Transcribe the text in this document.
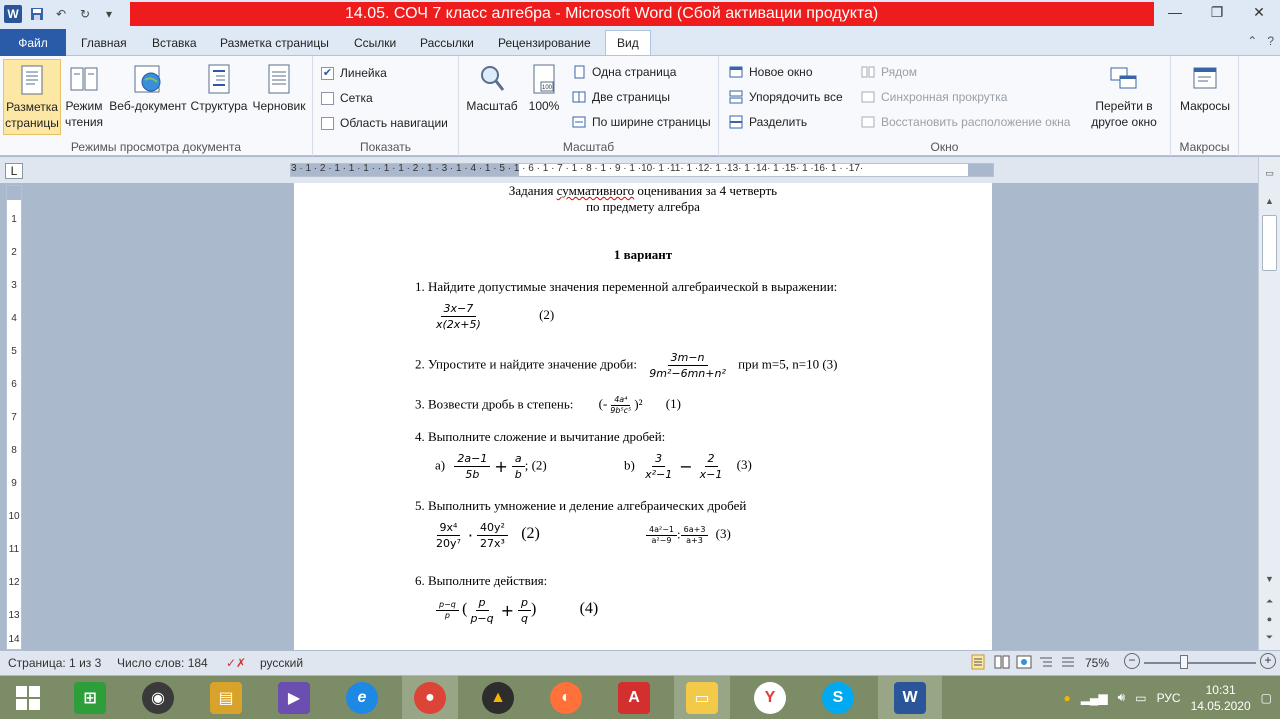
W	↶	↻	▾	14.05. СОЧ 7 класс алгебра - Microsoft Word (Сбой активации продукта)	—	❐	✕
Файл	Главная Вставка Разметка страницы Ссылки Рассылки Рецензирование	Вид	⌃ ?
Разметка страницы
Режим чтения
Веб-документ Структура Черновик
Режимы просмотра документа
✔ Линейка
Сетка
Область навигации
Показать
Масштаб
100
100%
Одна страница
Две страницы
По ширине страницы
Масштаб
Новое окно
Упорядочить все
Разделить
Рядом
Синхронная прокрутка
Восстановить расположение окна
Перейти в другое окно
Окно
Макросы
Макросы
L	3 · 1 · 2 · 1 · 1 · 1 · · 1 · 1 · 2 · 1 · 3 · 1 · 4 · 1 · 5 · 1 · 6 · 1 · 7 · 1 · 8 · 1 · 9 · 1 ·10· 1 ·11· 1 ·12· 1 ·13· 1 ·14· 1 ·15· 1 ·16· 1 · ·17·
1
2
3
4
5
6
7
8
9
10
11
12
13
14
Задания суммативного оценивания за 4 четверть
по предмету алгебра
1 вариант
1. Найдите допустимые значения переменной алгебраической в выражении:
$\frac{3x-7}{x(2x+5)}$	(2)
2. Упростите и найдите значение дроби: $\frac{3m-n}{\text{9m²−6mn+n²}}$ при m=5, n=10 (3)
3. Возвести дробь в степень: (- $\frac{\text{4a⁴}}{\text{9b⁵c⁵}} )^2$ (1)
4. Выполните сложение и вычитание дробей:
$a) \frac{2a-1}{5b} + \frac{a}{b}$ ; (2)	$b) \frac{3}{\text{x²−1}} - \frac{2}{x-1} (3)$
5. Выполнить умножение и деление алгебраических дробей
$\frac{\text{9x⁴}}{\text{20y⁷}} \cdot \frac{\text{40y²}}{\text{27x³}} (2)$	$\frac{\text{4a²−1}}{\text{a²−9}}$ : $\frac{6a+3}{a+3} (3)$
6. Выполните действия:
$\frac{p-q}{p}$ ( $\frac{p}{p-q} + \frac{p}{q}$ )	(4)
▭
▲
▼
⏶
●
⏷
Страница: 1 из 3 Число слов: 184 ✓✗ русский	75%	−	+
⊞	◉	▤	▶	e	●	▲	◐	A	▭	Y	S	W	● ▂▄▆ 🔊︎ ▭ РУС
10:31
14.05.2020
▢
